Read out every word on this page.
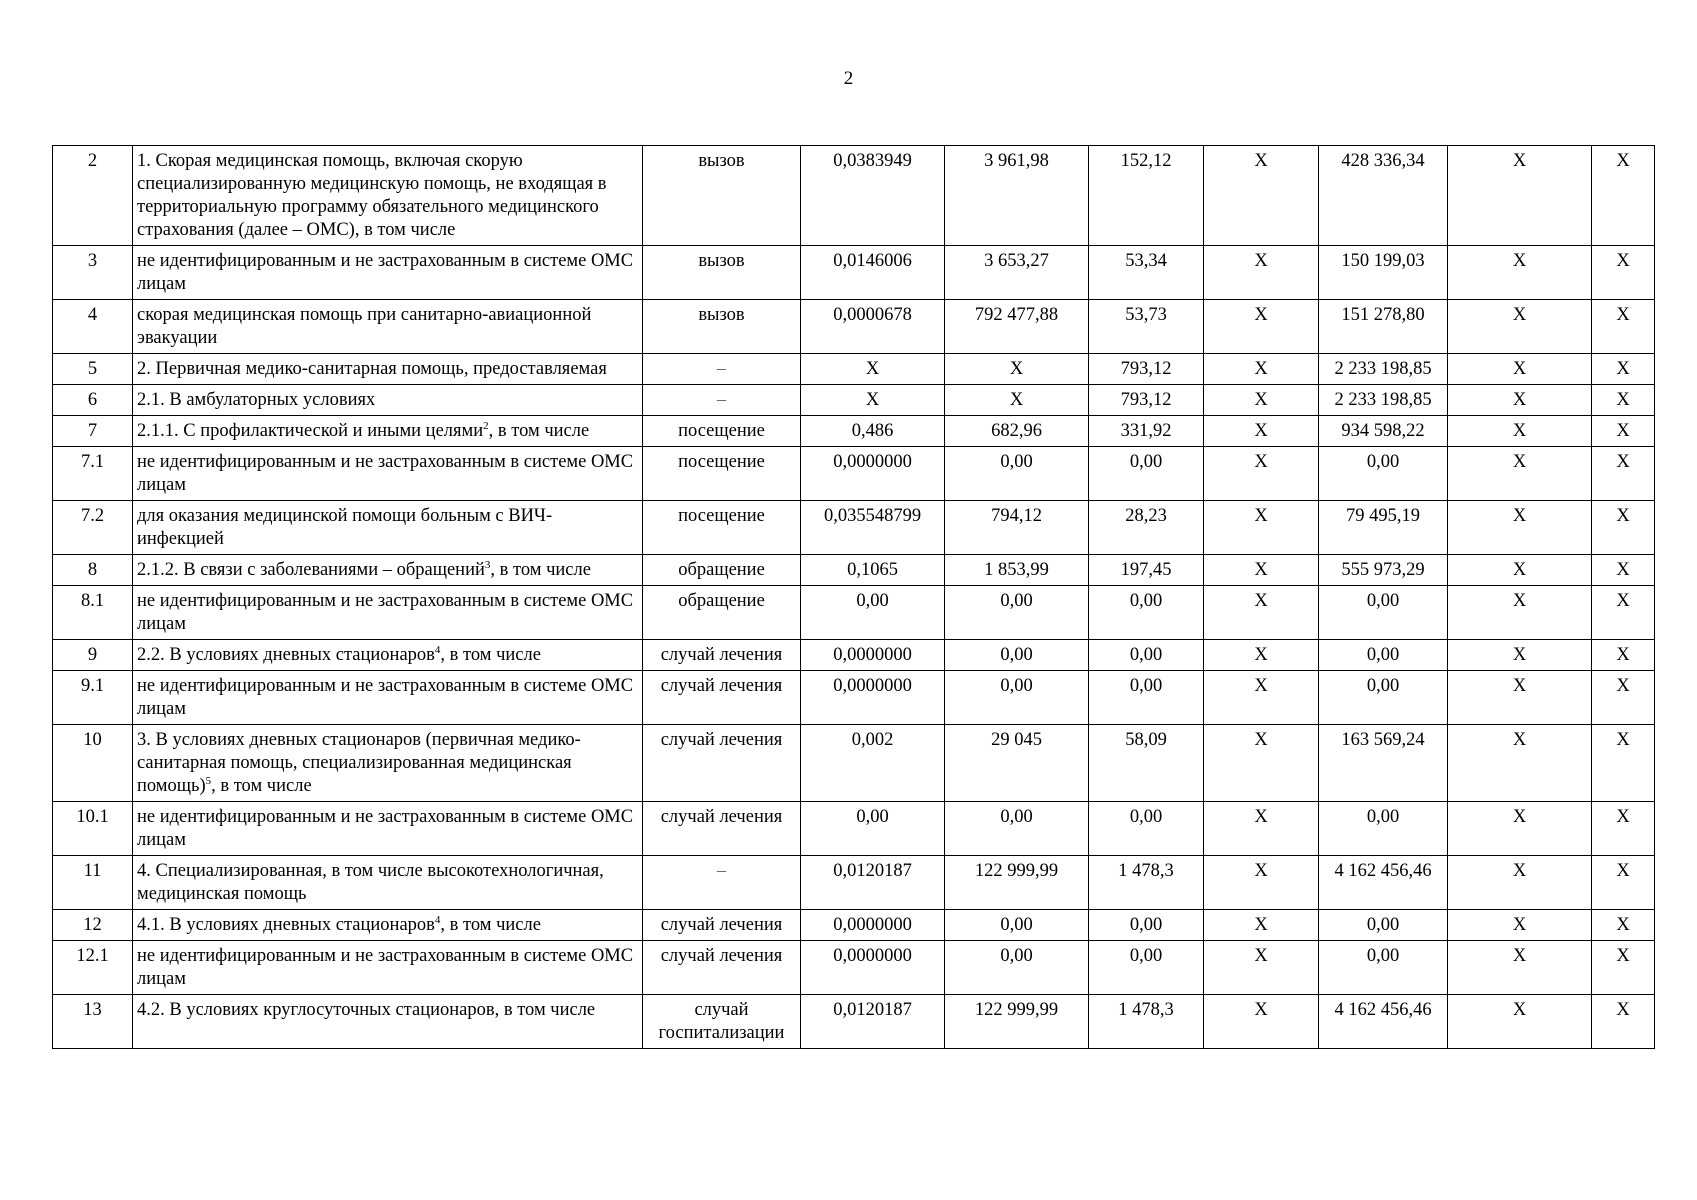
2
2	1. Скорая медицинская помощь, включая скорую специализированную медицинскую помощь, не входящая в территориальную программу обязательного медицинского страхования (далее – ОМС), в том числе	вызов	0,0383949	3 961,98	152,12	X	428 336,34	X	X
3	не идентифицированным и не застрахованным в системе ОМС лицам	вызов	0,0146006	3 653,27	53,34	X	150 199,03	X	X
4	скорая медицинская помощь при санитарно-авиационной эвакуации	вызов	0,0000678	792 477,88	53,73	X	151 278,80	X	X
5	2. Первичная медико-санитарная помощь, предоставляемая	–	X	X	793,12	X	2 233 198,85	X	X
6	2.1. В амбулаторных условиях	–	X	X	793,12	X	2 233 198,85	X	X
7	2.1.1. С профилактической и иными целями$^2$, в том числе	посещение	0,486	682,96	331,92	X	934 598,22	X	X
7.1	не идентифицированным и не застрахованным в системе ОМС лицам	посещение	0,0000000	0,00	0,00	X	0,00	X	X
7.2	для оказания медицинской помощи больным с ВИЧ-инфекцией	посещение	0,035548799	794,12	28,23	X	79 495,19	X	X
8	2.1.2. В связи с заболеваниями – обращений$^3$, в том числе	обращение	0,1065	1 853,99	197,45	X	555 973,29	X	X
8.1	не идентифицированным и не застрахованным в системе ОМС лицам	обращение	0,00	0,00	0,00	X	0,00	X	X
9	2.2. В условиях дневных стационаров$^4$, в том числе	случай лечения	0,0000000	0,00	0,00	X	0,00	X	X
9.1	не идентифицированным и не застрахованным в системе ОМС лицам	случай лечения	0,0000000	0,00	0,00	X	0,00	X	X
10	3. В условиях дневных стационаров (первичная медико-санитарная помощь, специализированная медицинская помощь)$^5$, в том числе	случай лечения	0,002	29 045	58,09	X	163 569,24	X	X
10.1	не идентифицированным и не застрахованным в системе ОМС лицам	случай лечения	0,00	0,00	0,00	X	0,00	X	X
11	4. Специализированная, в том числе высокотехнологичная, медицинская помощь	–	0,0120187	122 999,99	1 478,3	X	4 162 456,46	X	X
12	4.1. В условиях дневных стационаров$^4$, в том числе	случай лечения	0,0000000	0,00	0,00	X	0,00	X	X
12.1	не идентифицированным и не застрахованным в системе ОМС лицам	случай лечения	0,0000000	0,00	0,00	X	0,00	X	X
13	4.2. В условиях круглосуточных стационаров, в том числе	случай госпитализации	0,0120187	122 999,99	1 478,3	X	4 162 456,46	X	X
